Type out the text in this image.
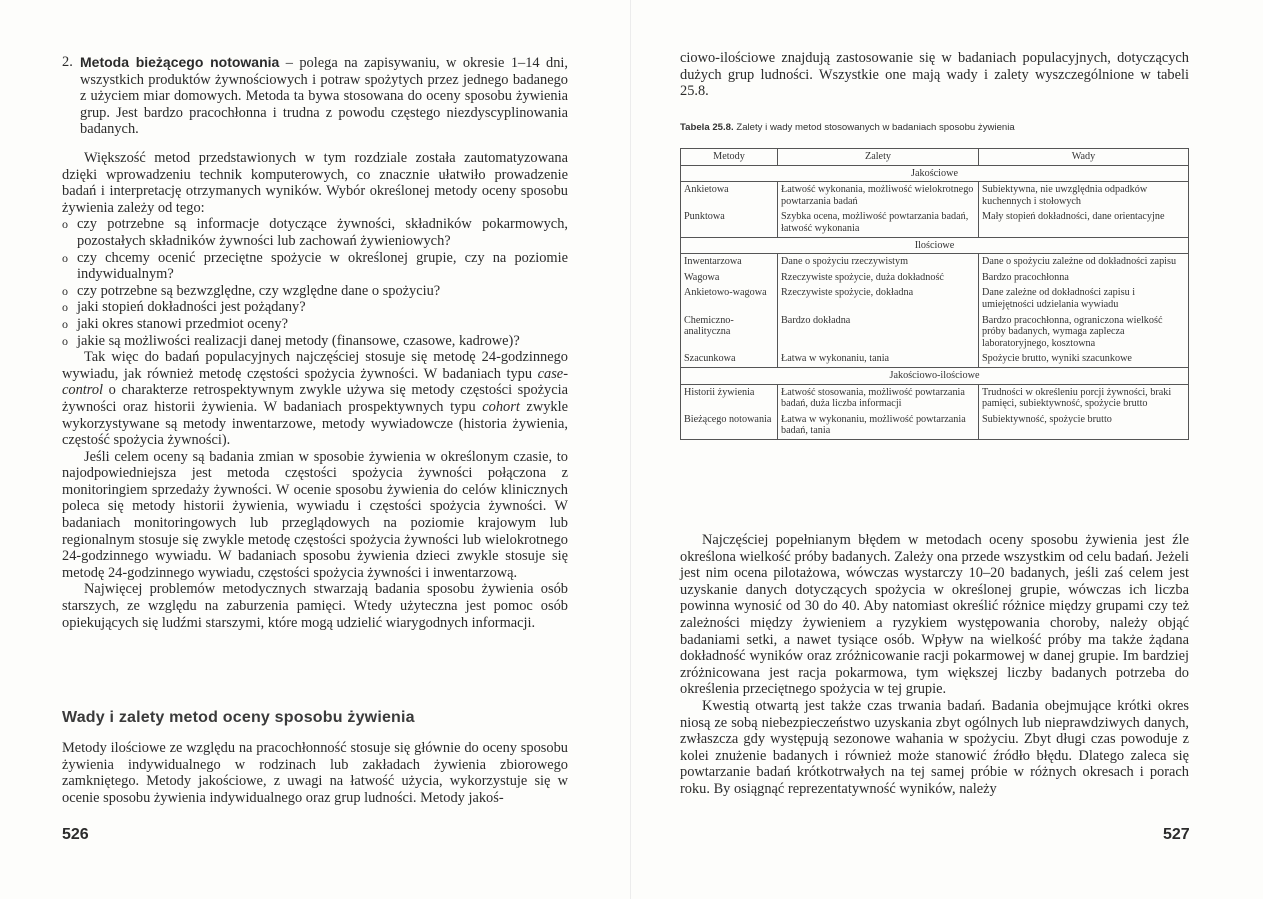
2. Metoda bieżącego notowania – polega na zapisywaniu, w okresie 1–14 dni, wszystkich produktów żywnościowych i potraw spożytych przez jednego badanego z użyciem miar domowych. Metoda ta bywa stosowana do oceny sposobu żywienia grup. Jest bardzo pracochłonna i trudna z powodu częstego niezdyscyplinowania badanych.

Większość metod przedstawionych w tym rozdziale została zautomatyzowana dzięki wprowadzeniu technik komputerowych, co znacznie ułatwiło prowadzenie badań i interpretację otrzymanych wyników. Wybór określonej metody oceny sposobu żywienia zależy od tego:

o czy potrzebne są informacje dotyczące żywności, składników pokarmowych, pozostałych składników żywności lub zachowań żywieniowych?
o czy chcemy ocenić przeciętne spożycie w określonej grupie, czy na poziomie indywidualnym?
o czy potrzebne są bezwzględne, czy względne dane o spożyciu?
o jaki stopień dokładności jest pożądany?
o jaki okres stanowi przedmiot oceny?
o jakie są możliwości realizacji danej metody (finansowe, czasowe, kadrowe)?

Tak więc do badań populacyjnych najczęściej stosuje się metodę 24-godzinnego wywiadu, jak również metodę częstości spożycia żywności. W badaniach typu case-control o charakterze retrospektywnym zwykle używa się metody częstości spożycia żywności oraz historii żywienia. W badaniach prospektywnych typu cohort zwykle wykorzystywane są metody inwentarzowe, metody wywiadowcze (historia żywienia, częstość spożycia żywności).

Jeśli celem oceny są badania zmian w sposobie żywienia w określonym czasie, to najodpowiedniejsza jest metoda częstości spożycia żywności połączona z monitoringiem sprzedaży żywności. W ocenie sposobu żywienia do celów klinicznych poleca się metody historii żywienia, wywiadu i częstości spożycia żywności. W badaniach monitoringowych lub przeglądowych na poziomie krajowym lub regionalnym stosuje się zwykle metodę częstości spożycia żywności lub wielokrotnego 24-godzinnego wywiadu. W badaniach sposobu żywienia dzieci zwykle stosuje się metodę 24-godzinnego wywiadu, częstości spożycia żywności i inwentarzową.

Najwięcej problemów metodycznych stwarzają badania sposobu żywienia osób starszych, ze względu na zaburzenia pamięci. Wtedy użyteczna jest pomoc osób opiekujących się ludźmi starszymi, które mogą udzielić wiarygodnych informacji.

Wady i zalety metod oceny sposobu żywienia

Metody ilościowe ze względu na pracochłonność stosuje się głównie do oceny sposobu żywienia indywidualnego w rodzinach lub zakładach żywienia zbiorowego zamkniętego. Metody jakościowe, z uwagi na łatwość użycia, wykorzystuje się w ocenie sposobu żywienia indywidualnego oraz grup ludności. Metody jakoś-

526

ciowo-ilościowe znajdują zastosowanie się w badaniach populacyjnych, dotyczących dużych grup ludności. Wszystkie one mają wady i zalety wyszczególnione w tabeli 25.8.

Tabela 25.8. Zalety i wady metod stosowanych w badaniach sposobu żywienia
Metody	Zalety	Wady
Jakościowe		
Ankietowa	Łatwość wykonania, możliwość wielokrotnego powtarzania badań	Subiektywna, nie uwzględnia odpadków kuchennych i stołowych
Punktowa	Szybka ocena, możliwość powtarzania badań, łatwość wykonania	Mały stopień dokładności, dane orientacyjne
Ilościowe		
Inwentarzowa	Dane o spożyciu rzeczywistym	Dane o spożyciu zależne od dokładności zapisu
Wagowa	Rzeczywiste spożycie, duża dokładność	Bardzo pracochłonna
Ankietowo-wagowa	Rzeczywiste spożycie, dokładna	Dane zależne od dokładności zapisu i umiejętności udzielania wywiadu
Chemiczno-analityczna	Bardzo dokładna	Bardzo pracochłonna, ograniczona wielkość próby badanych, wymaga zaplecza laboratoryjnego, kosztowna
Szacunkowa	Łatwa w wykonaniu, tania	Spożycie brutto, wyniki szacunkowe
Jakościowo-ilościowe		
Historii żywienia	Łatwość stosowania, możliwość powtarzania badań, duża liczba informacji	Trudności w określeniu porcji żywności, braki pamięci, subiektywność, spożycie brutto
Bieżącego notowania	Łatwa w wykonaniu, możliwość powtarzania badań, tania	Subiektywność, spożycie brutto

Najczęściej popełnianym błędem w metodach oceny sposobu żywienia jest źle określona wielkość próby badanych. Zależy ona przede wszystkim od celu badań. Jeżeli jest nim ocena pilotażowa, wówczas wystarczy 10–20 badanych, jeśli zaś celem jest uzyskanie danych dotyczących spożycia w określonej grupie, wówczas ich liczba powinna wynosić od 30 do 40. Aby natomiast określić różnice między grupami czy też zależności między żywieniem a ryzykiem występowania choroby, należy objąć badaniami setki, a nawet tysiące osób. Wpływ na wielkość próby ma także żądana dokładność wyników oraz zróżnicowanie racji pokarmowej w danej grupie. Im bardziej zróżnicowana jest racja pokarmowa, tym większej liczby badanych potrzeba do określenia przeciętnego spożycia w tej grupie.

Kwestią otwartą jest także czas trwania badań. Badania obejmujące krótki okres niosą ze sobą niebezpieczeństwo uzyskania zbyt ogólnych lub nieprawdziwych danych, zwłaszcza gdy występują sezonowe wahania w spożyciu. Zbyt długi czas powoduje z kolei znużenie badanych i również może stanowić źródło błędu. Dlatego zaleca się powtarzanie badań krótkotrwałych na tej samej próbie w różnych okresach i porach roku. By osiągnąć reprezentatywność wyników, należy

527
